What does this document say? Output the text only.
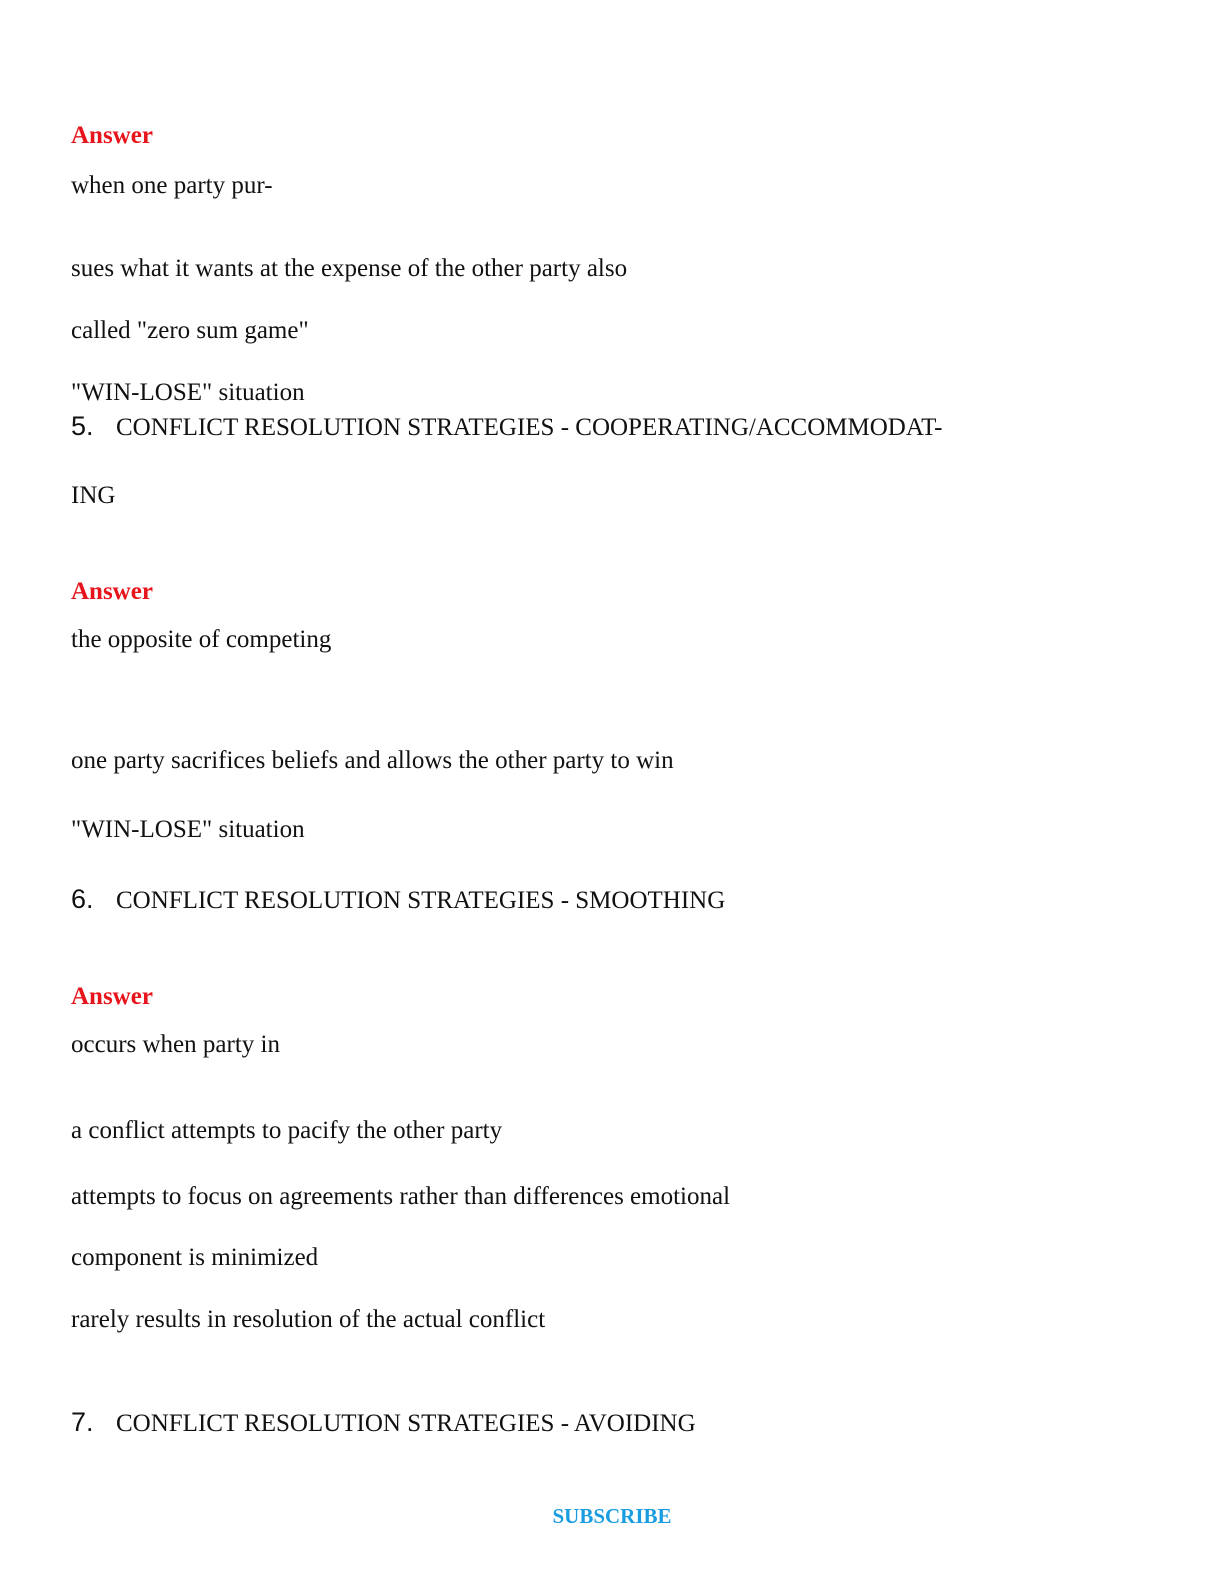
Answer
when one party pur-
sues what it wants at the expense of the other party also
called "zero sum game"
"WIN-LOSE" situation
5. CONFLICT RESOLUTION STRATEGIES - COOPERATING/ACCOMMODAT-
ING
Answer
the opposite of competing
one party sacrifices beliefs and allows the other party to win
"WIN-LOSE" situation
6. CONFLICT RESOLUTION STRATEGIES - SMOOTHING
Answer
occurs when party in
a conflict attempts to pacify the other party
attempts to focus on agreements rather than differences emotional
component is minimized
rarely results in resolution of the actual conflict
7. CONFLICT RESOLUTION STRATEGIES - AVOIDING
SUBSCRIBE
